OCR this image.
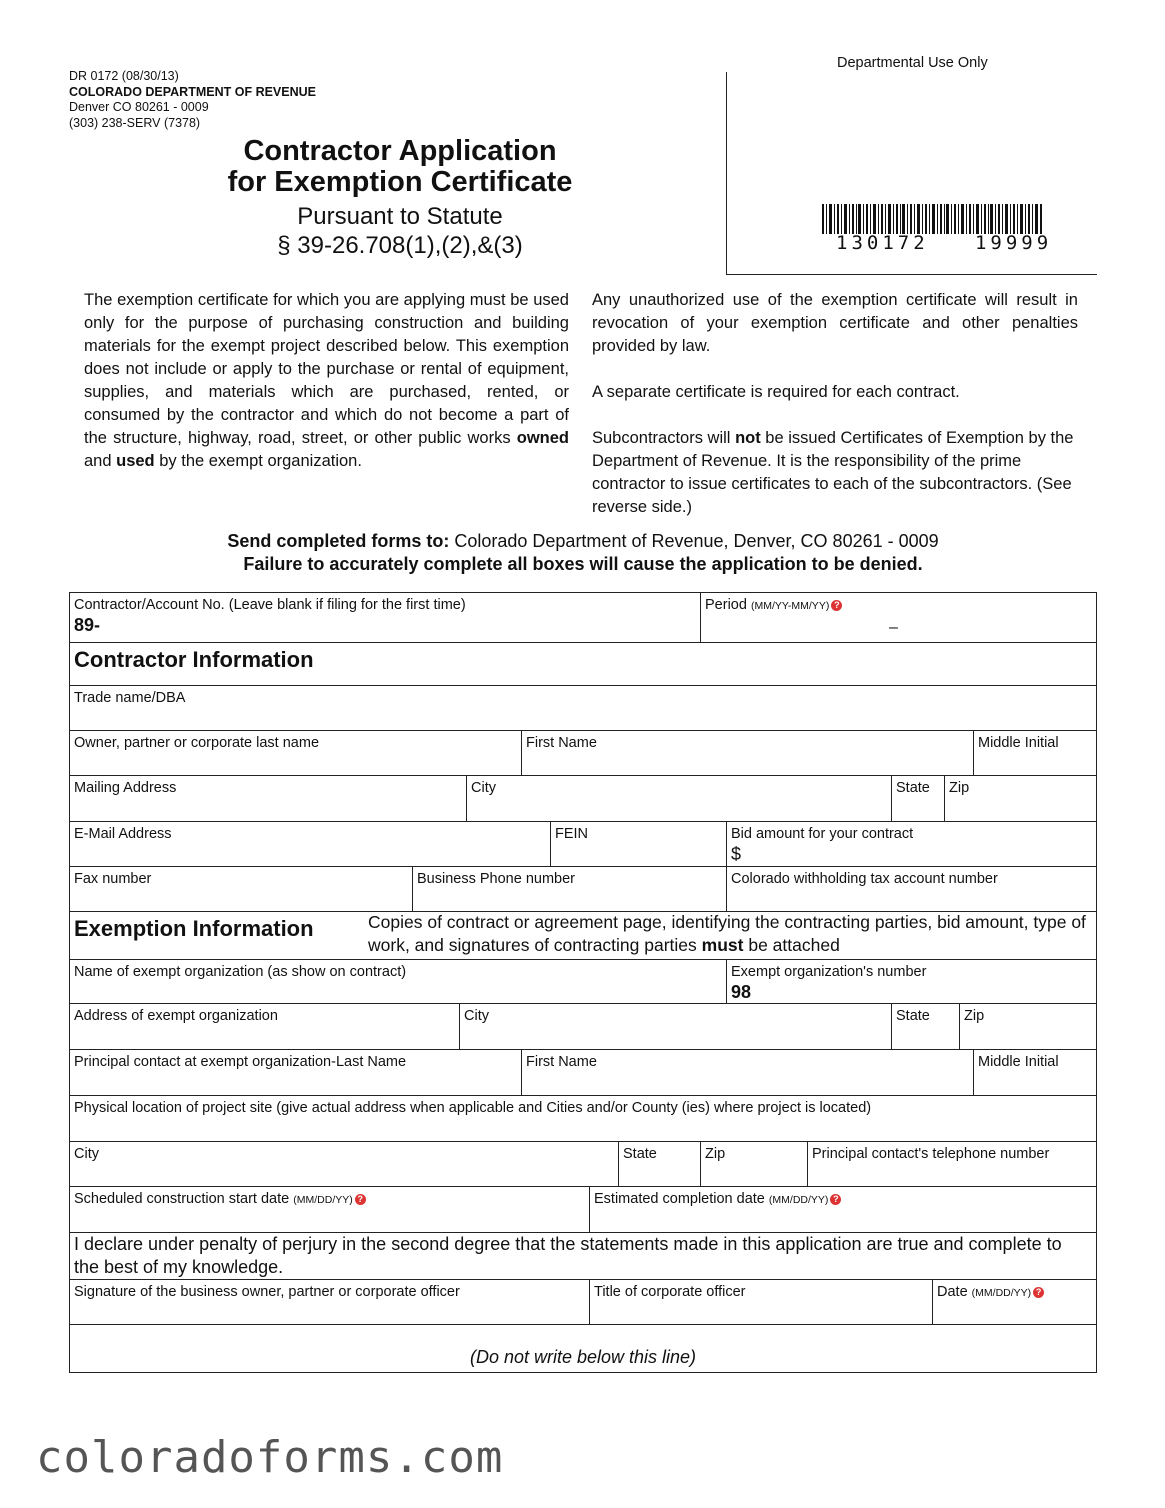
DR 0172 (08/30/13)
COLORADO DEPARTMENT OF REVENUE
Denver CO 80261 - 0009
(303) 238-SERV (7378)
Departmental Use Only
130172   19999
Contractor Application
for Exemption Certificate
Pursuant to Statute
§ 39-26.708(1),(2),&(3)
The exemption certificate for which you are applying must be used only for the purpose of purchasing construction and building materials for the exempt project described below. This exemption does not include or apply to the purchase or rental of equipment, supplies, and materials which are purchased, rented, or consumed by the contractor and which do not become a part of the structure, highway, road, street, or other public works owned and used by the exempt organization.
Any unauthorized use of the exemption certificate will result in revocation of your exemption certificate and other penalties provided by law.
A separate certificate is required for each contract.
Subcontractors will not be issued Certificates of Exemption by the Department of Revenue. It is the responsibility of the prime contractor to issue certificates to each of the subcontractors. (See reverse side.)
Send completed forms to: Colorado Department of Revenue, Denver, CO 80261 - 0009
Failure to accurately complete all boxes will cause the application to be denied.
Contractor/Account No. (Leave blank if filing for the first time)
89-
Period (MM/YY-MM/YY) ?
–
Contractor Information
Trade name/DBA
Owner, partner or corporate last name	First Name	Middle Initial
Mailing Address	City	State Zip
E-Mail Address	FEIN	Bid amount for your contract
$
Fax number	Business Phone number	Colorado withholding tax account number
Exemption Information	Copies of contract or agreement page, identifying the contracting parties, bid amount, type of work, and signatures of contracting parties must be attached
Name of exempt organization (as show on contract)	Exempt organization's number
98
Address of exempt organization	City	State Zip
Principal contact at exempt organization-Last Name	First Name	Middle Initial
Physical location of project site (give actual address when applicable and Cities and/or County (ies) where project is located)
City	State	Zip	Principal contact's telephone number
Scheduled construction start date (MM/DD/YY) ?	Estimated completion date (MM/DD/YY) ?
I declare under penalty of perjury in the second degree that the statements made in this application are true and complete to the best of my knowledge.
Signature of the business owner, partner or corporate officer	Title of corporate officer	Date (MM/DD/YY) ?
(Do not write below this line)
coloradoforms.com
